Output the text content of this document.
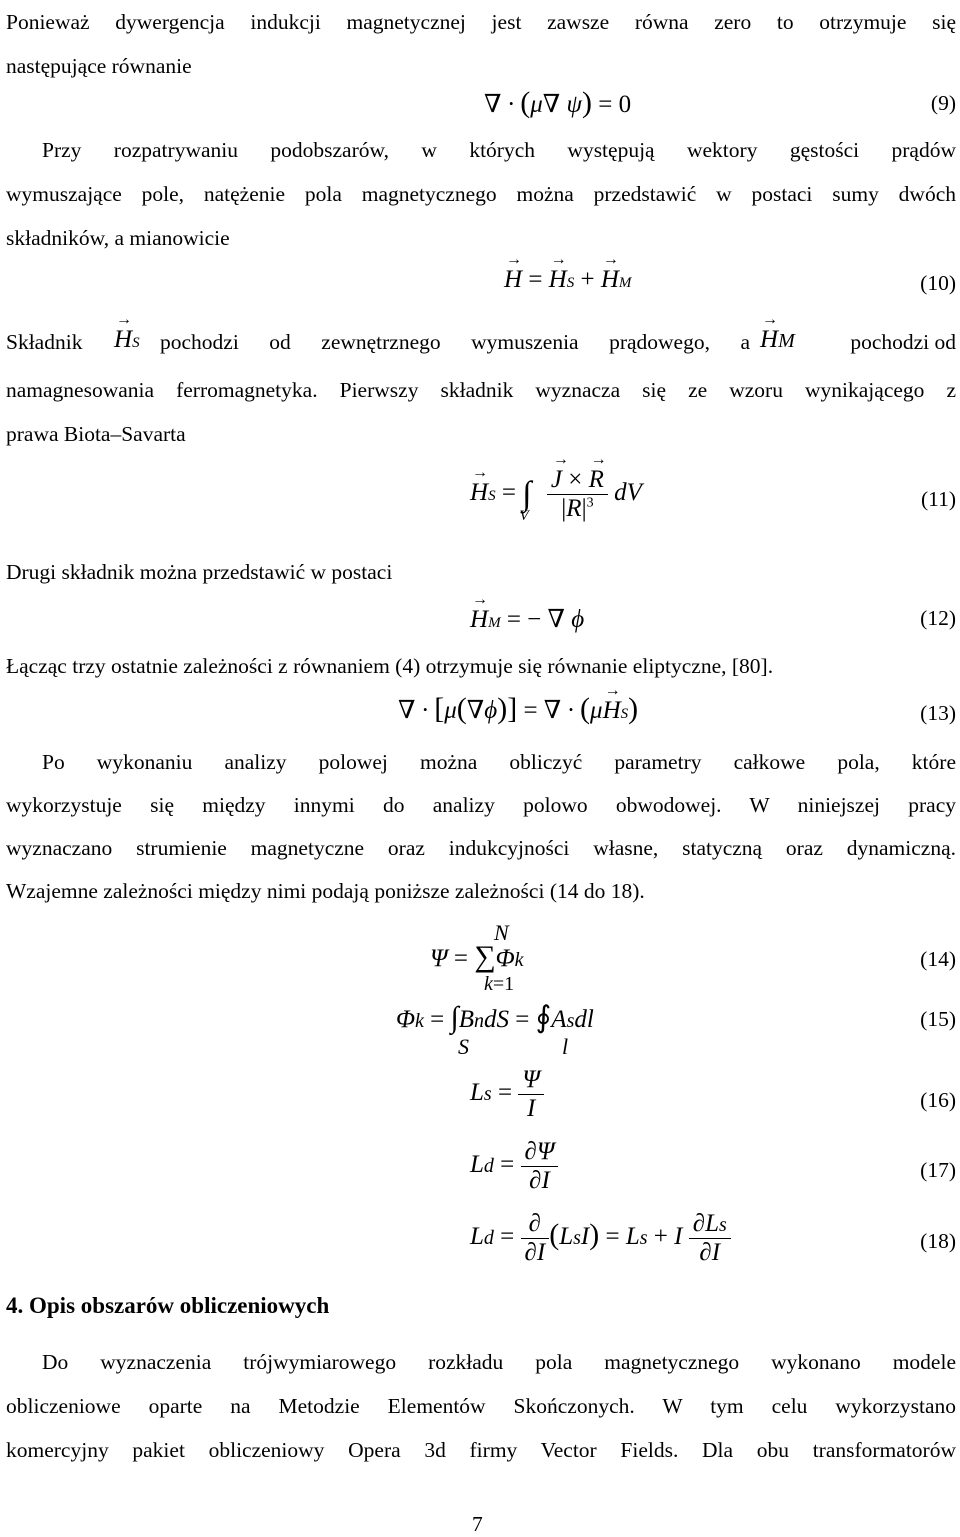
Ponieważ dywergencja indukcji magnetycznej jest zawsze równa zero to otrzymuje się
następujące równanie
∇ · (μ∇ ψ) = 0	(9)
Przy rozpatrywaniu podobszarów, w których występują wektory gęstości prądów
wymuszające pole, natężenie pola magnetycznego można przedstawić w postaci sumy dwóch
składników, a mianowicie
→ H = → HS + → HM	(10)
Składnik
→	HS pochodzi od zewnętrznego wymuszenia prądowego, a
→ HM	pochodzi od
namagnesowania ferromagnetyka. Pierwszy składnik wyznacza się ze wzoru wynikającego z
prawa Biota–Savarta
→ HS = $\int_V$
→ $\frac{J \times \to R}{|R|^3}$ dV	(11)
Drugi składnik można przedstawić w postaci
→ HM = − ∇ ϕ	(12)
Łącząc trzy ostatnie zależności z równaniem (4) otrzymuje się równanie eliptyczne, [80].
∇ · [μ(∇ϕ)] = ∇ · (μ→ HS)	(13)
Po wykonaniu analizy polowej można obliczyć parametry całkowe pola, które
wykorzystuje się między innymi do analizy polowo obwodowej. W niniejszej pracy
wyznaczano strumienie magnetyczne oraz indukcyjności własne, statyczną oraz dynamiczną.
Wzajemne zależności między nimi podają poniższe zależności (14 do 18).
N
Ψ = ∑Φk
k=1
(14)
Φk = ∫BndS = ∮Asdl
S	l
(15)
$Ls = \frac{\Psi}{I}$	(16)
$Ld = \frac{\partial\Psi}{\partial I}$	(17)
$Ld = \frac{\partial}{\partial I} (LsI) = Ls + I \frac{\partial Ls}{\partial I}$	(18)
4. Opis obszarów obliczeniowych
Do wyznaczenia trójwymiarowego rozkładu pola magnetycznego wykonano modele
obliczeniowe oparte na Metodzie Elementów Skończonych. W tym celu wykorzystano
komercyjny pakiet obliczeniowy Opera 3d firmy Vector Fields. Dla obu transformatorów
7
